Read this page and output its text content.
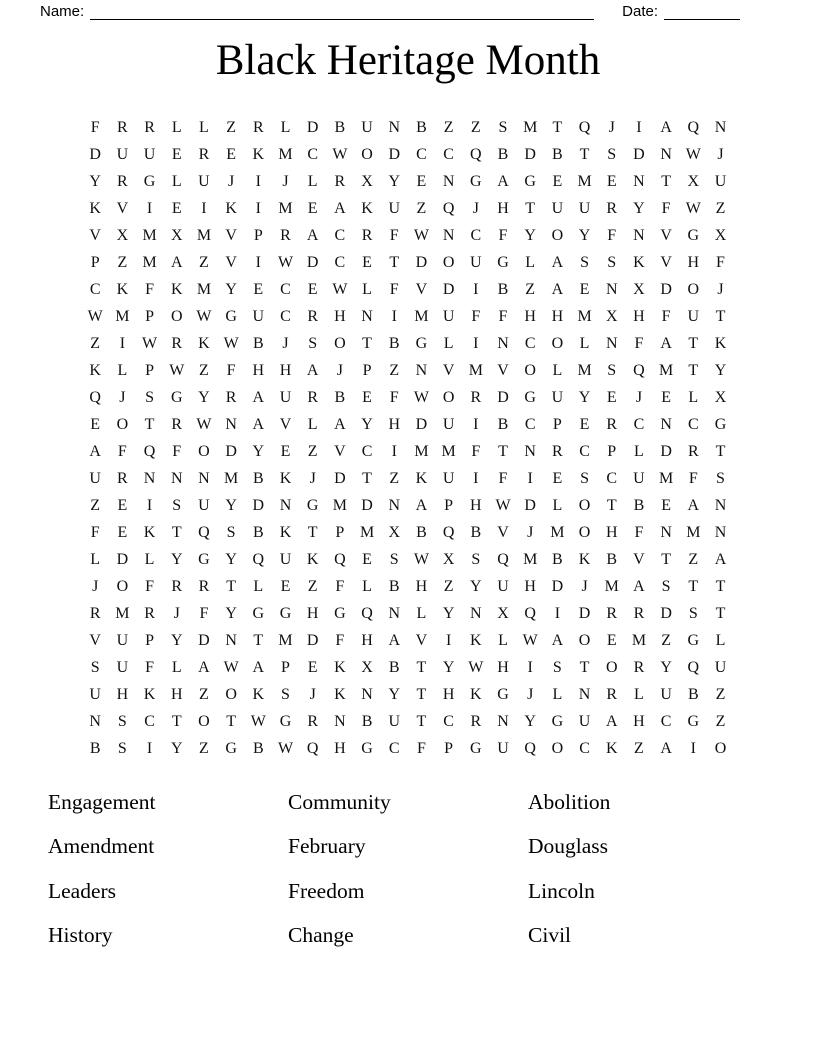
Name:	Date:
Black Heritage Month
F	R	R	L	L	Z	R	L	D	B	U N	B	Z	Z	S M T	Q	J	I	A Q N
D U U	E	R	E	K M C W O D	C	C	Q	B	D	B	T	S	D N W	J
Y	R	G	L	U	J	I	J	L	R	X Y	E	N G A G	E M E	N	T	X U
K V	I	E	I	K	I	M E	A K U	Z	Q	J	H	T	U U	R	Y	F W Z
V X M X M V	P	R	A	C	R	F W N	C	F	Y O Y	F	N V G X
P	Z M A	Z	V	I	W D	C	E	T	D O U G	L	A	S	S	K V H	F
C	K	F	K M Y	E	C	E W L	F	V D	I	B	Z	A	E	N X D O	J
W M P	O W G U	C	R	H N	I	M U	F	F	H H M X H	F	U	T
Z	I	W R	K W B	J	S	O	T	B	G	L	I	N	C	O	L	N	F	A	T	K
K	L	P W Z	F	H H A	J	P	Z	N V M V O	L M S	Q M T	Y
Q	J	S	G Y	R	A U	R	B	E	F W O	R	D G U Y	E	J	E	L	X
E	O	T	R W N A V	L	A Y H D U	I	B	C	P	E	R	C	N	C	G
A	F	Q	F	O D Y	E	Z	V	C	I	M M F	T	N	R	C	P	L	D	R	T
U	R	N N N M B	K	J	D	T	Z	K U	I	F	I	E	S	C	U M F	S
Z	E	I	S	U Y D N G M D N A	P	H W D	L	O	T	B	E	A N
F	E	K	T	Q	S	B	K	T	P M X	B	Q	B	V	J	M O H	F	N M N
L	D	L	Y G Y Q U K Q	E	S W X	S	Q M B	K	B	V	T	Z	A
J	O	F	R	R	T	L	E	Z	F	L	B	H	Z	Y U H D	J	M A	S	T	T
R M R	J	F	Y G G H G Q N	L	Y N X Q	I	D	R	R	D	S	T
V U	P	Y D N	T M D	F	H A V	I	K	L W A O	E M Z	G	L
S	U	F	L	A W A	P	E	K X	B	T	Y W H	I	S	T	O	R	Y Q U
U H K H	Z	O K	S	J	K N Y	T	H K G	J	L	N	R	L	U	B	Z
N	S	C	T	O	T W G	R	N	B	U	T	C	R	N Y G U A H	C	G	Z
B	S	I	Y	Z	G	B W Q H G	C	F	P	G U Q O	C	K	Z	A	I	O
Engagement
Amendment
Leaders
History
Community
February
Freedom
Change
Abolition
Douglass
Lincoln
Civil
